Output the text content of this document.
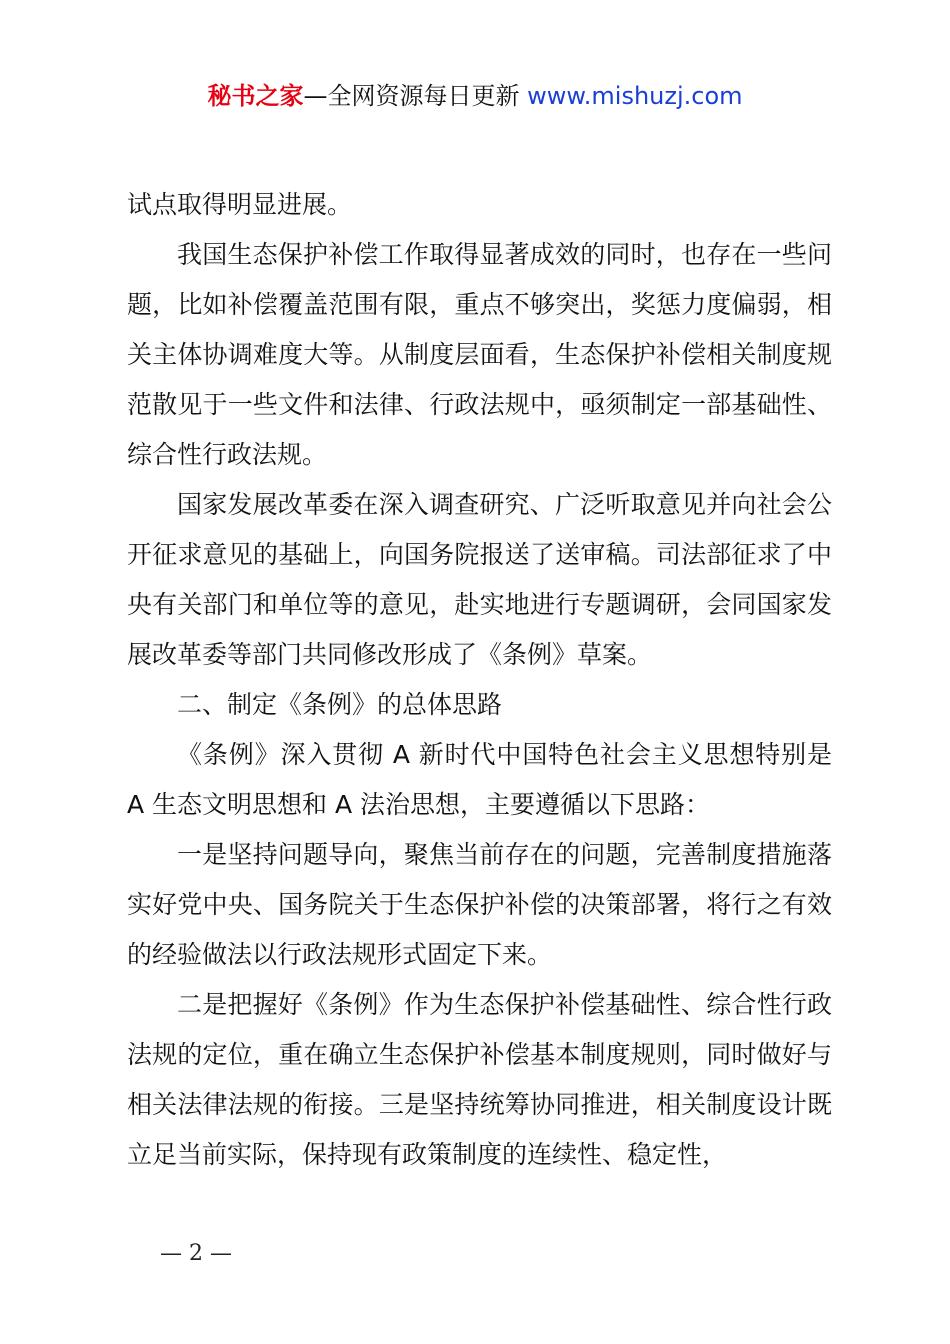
秘书之家—全网资源每日更新 www.mishuzj.com

试点取得明显进展。

我国生态保护补偿工作取得显著成效的同时，也存在一些问题，比如补偿覆盖范围有限，重点不够突出，奖惩力度偏弱，相关主体协调难度大等。从制度层面看，生态保护补偿相关制度规范散见于一些文件和法律、行政法规中，亟须制定一部基础性、综合性行政法规。

国家发展改革委在深入调查研究、广泛听取意见并向社会公开征求意见的基础上，向国务院报送了送审稿。司法部征求了中央有关部门和单位等的意见，赴实地进行专题调研，会同国家发展改革委等部门共同修改形成了《条例》草案。

二、制定《条例》的总体思路

《条例》深入贯彻 A 新时代中国特色社会主义思想特别是 A 生态文明思想和 A 法治思想，主要遵循以下思路：

一是坚持问题导向，聚焦当前存在的问题，完善制度措施落实好党中央、国务院关于生态保护补偿的决策部署，将行之有效的经验做法以行政法规形式固定下来。

二是把握好《条例》作为生态保护补偿基础性、综合性行政法规的定位，重在确立生态保护补偿基本制度规则，同时做好与相关法律法规的衔接。三是坚持统筹协同推进，相关制度设计既立足当前实际，保持现有政策制度的连续性、稳定性，

— 2 —
